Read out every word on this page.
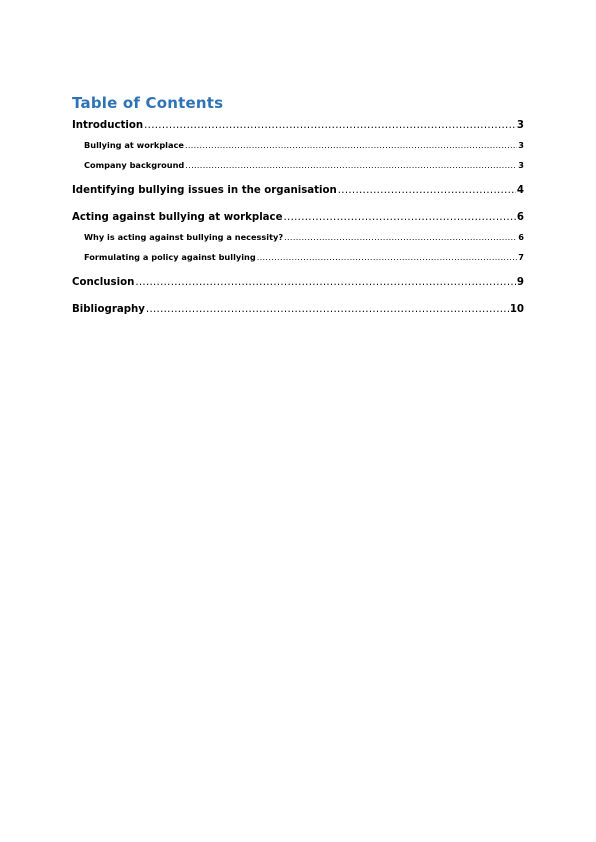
Table of Contents
Introduction .....	3
Bullying at workplace .....	3
Company background .....	3
Identifying bullying issues in the organisation .....	4
Acting against bullying at workplace .....	6
Why is acting against bullying a necessity? .....	6
Formulating a policy against bullying .....	7
Conclusion .....	9
Bibliography .....	10
